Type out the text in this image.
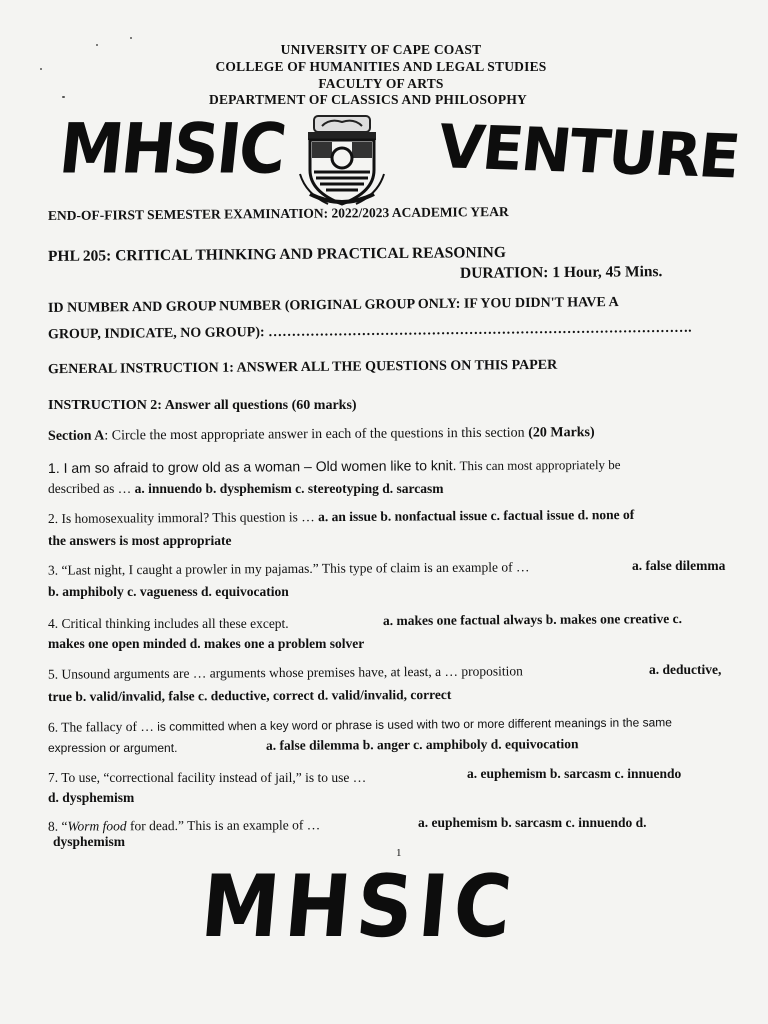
UNIVERSITY OF CAPE COAST
COLLEGE OF HUMANITIES AND LEGAL STUDIES
FACULTY OF ARTS
DEPARTMENT OF CLASSICS AND PHILOSOPHY
MHSIC VENTURE
END-OF-FIRST SEMESTER EXAMINATION: 2022/2023 ACADEMIC YEAR
PHL 205: CRITICAL THINKING AND PRACTICAL REASONING
DURATION: 1 Hour, 45 Mins.
ID NUMBER AND GROUP NUMBER (ORIGINAL GROUP ONLY: IF YOU DIDN'T HAVE A
GROUP, INDICATE, NO GROUP): ……………………………………………………………………………….
GENERAL INSTRUCTION 1: ANSWER ALL THE QUESTIONS ON THIS PAPER
INSTRUCTION 2: Answer all questions (60 marks)
Section A: Circle the most appropriate answer in each of the questions in this section (20 Marks)
1. I am so afraid to grow old as a woman – Old women like to knit. This can most appropriately be
described as … a. innuendo b. dysphemism c. stereotyping d. sarcasm
2. Is homosexuality immoral? This question is … a. an issue b. nonfactual issue c. factual issue d. none of
the answers is most appropriate
3. “Last night, I caught a prowler in my pajamas.” This type of claim is an example of …	a. false dilemma
b. amphiboly c. vagueness d. equivocation
4. Critical thinking includes all these except.	a. makes one factual always b. makes one creative c.
makes one open minded d. makes one a problem solver
5. Unsound arguments are … arguments whose premises have, at least, a … proposition	a. deductive,
true b. valid/invalid, false c. deductive, correct d. valid/invalid, correct
6. The fallacy of … is committed when a key word or phrase is used with two or more different meanings in the same
expression or argument.	a. false dilemma b. anger c. amphiboly d. equivocation
7. To use, “correctional facility instead of jail,” is to use …	a. euphemism b. sarcasm c. innuendo
d. dysphemism
8. “Worm food for dead.” This is an example of …	a. euphemism b. sarcasm c. innuendo d.
dysphemism
1
MHSIC
